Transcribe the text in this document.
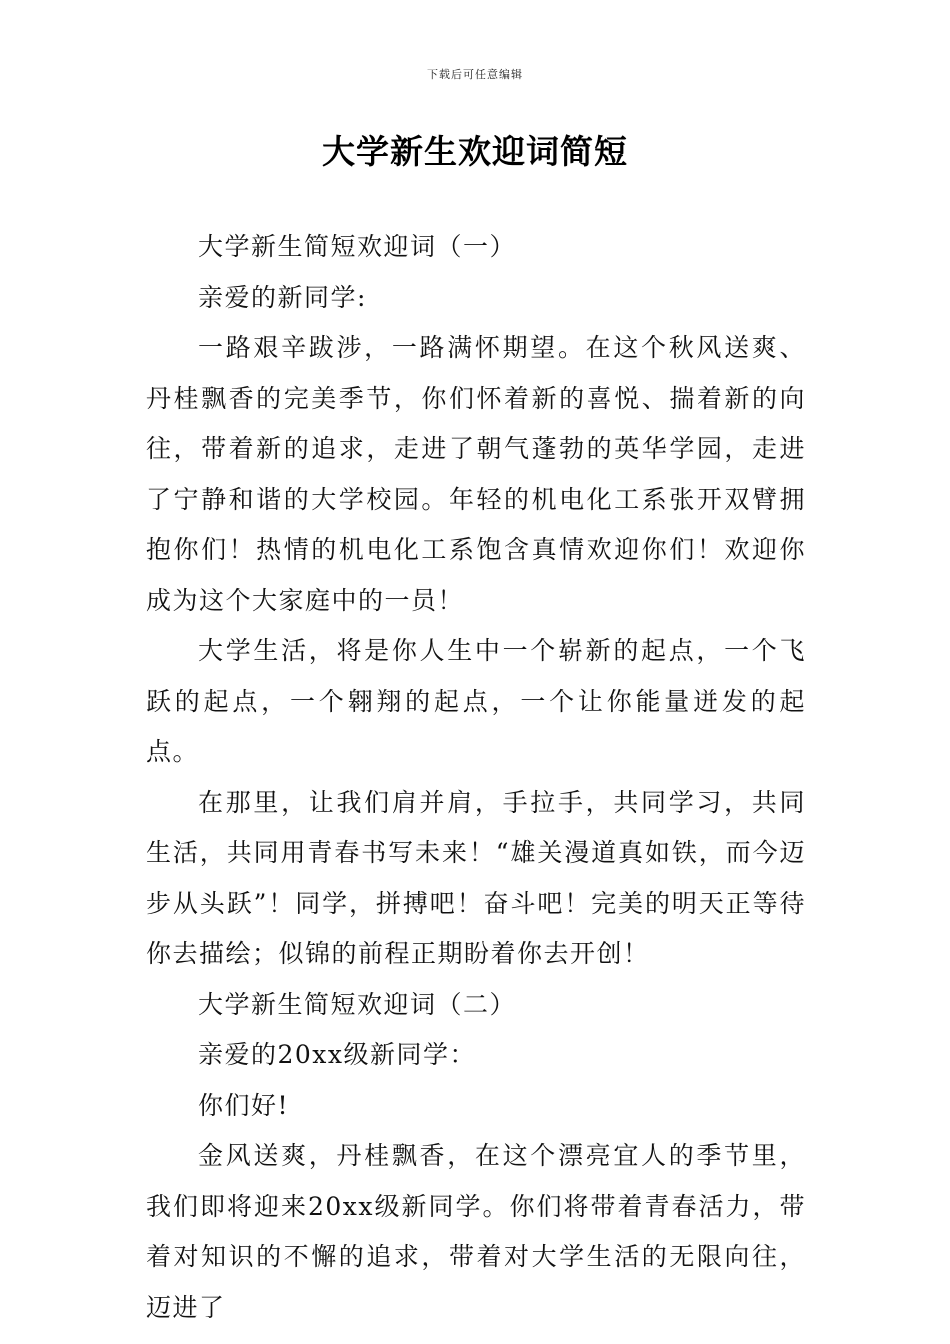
下载后可任意编辑
大学新生欢迎词简短

大学新生简短欢迎词（一）

亲爱的新同学:

一路艰辛跋涉，一路满怀期望。在这个秋风送爽、丹桂飘香的完美季节，你们怀着新的喜悦、揣着新的向往，带着新的追求，走进了朝气蓬勃的英华学园，走进了宁静和谐的大学校园。年轻的机电化工系张开双臂拥抱你们！热情的机电化工系饱含真情欢迎你们！欢迎你成为这个大家庭中的一员！

大学生活，将是你人生中一个崭新的起点，一个飞跃的起点，一个翱翔的起点，一个让你能量迸发的起点。

在那里，让我们肩并肩，手拉手，共同学习，共同生活，共同用青春书写未来！“雄关漫道真如铁，而今迈步从头跃”！同学，拼搏吧！奋斗吧！完美的明天正等待你去描绘；似锦的前程正期盼着你去开创！

大学新生简短欢迎词（二）

亲爱的20xx级新同学：

你们好!

金风送爽，丹桂飘香，在这个漂亮宜人的季节里，我们即将迎来20xx级新同学。你们将带着青春活力，带着对知识的不懈的追求，带着对大学生活的无限向往，迈进了
